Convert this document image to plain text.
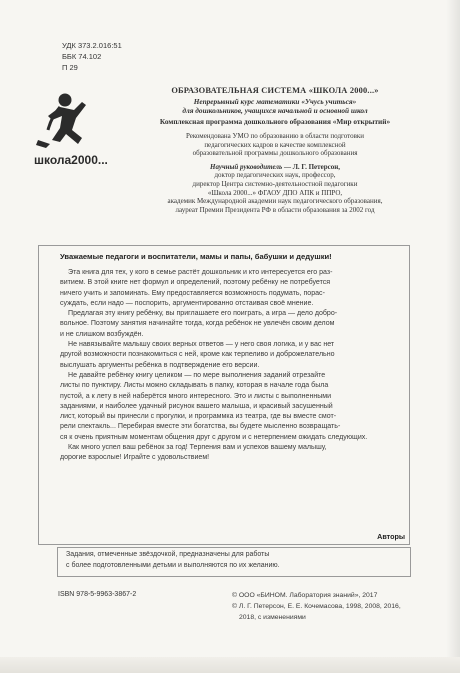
УДК 373.2.016:51
ББК 74.102
П 29
школа2000...
ОБРАЗОВАТЕЛЬНАЯ СИСТЕМА «ШКОЛА 2000...»
Непрерывный курс математики «Учусь учиться»
для дошкольников, учащихся начальной и основной школ
Комплексная программа дошкольного образования «Мир открытий»
Рекомендована УМО по образованию в области подготовки
педагогических кадров в качестве комплексной
образовательной программы дошкольного образования
Научный руководитель — Л. Г. Петерсон,
доктор педагогических наук, профессор,
директор Центра системно-деятельностной педагогики
«Школа 2000...» ФГАОУ ДПО АПК и ППРО,
академик Международной академии наук педагогического образования,
лауреат Премии Президента РФ в области образования за 2002 год
Уважаемые педагоги и воспитатели, мамы и папы, бабушки и дедушки!

Эта книга для тех, у кого в семье растёт дошкольник и кто интересуется его раз-

витием. В этой книге нет формул и определений, поэтому ребёнку не потребуется

ничего учить и запоминать. Ему предоставляется возможность подумать, порас-

суждать, если надо — поспорить, аргументированно отстаивая своё мнение.

Предлагая эту книгу ребёнку, вы приглашаете его поиграть, а игра — дело добро-

вольное. Поэтому занятия начинайте тогда, когда ребёнок не увлечён своим делом

и не слишком возбуждён.

Не навязывайте малышу своих верных ответов — у него своя логика, и у вас нет

другой возможности познакомиться с ней, кроме как терпеливо и доброжелательно

выслушать аргументы ребёнка в подтверждение его версии.

Не давайте ребёнку книгу целиком — по мере выполнения заданий отрезайте

листы по пунктиру. Листы можно складывать в папку, которая в начале года была

пустой, а к лету в ней наберётся много интересного. Это и листы с выполненными

заданиями, и наиболее удачный рисунок вашего малыша, и красивый засушенный

лист, который вы принесли с прогулки, и программка из театра, где вы вместе смот-

рели спектакль... Перебирая вместе эти богатства, вы будете мысленно возвращать-

ся к очень приятным моментам общения друг с другом и с нетерпением ожидать следующих.

Как много успел ваш ребёнок за год! Терпения вам и успехов вашему малышу,

дорогие взрослые! Играйте с удовольствием!

Авторы
Задания, отмеченные звёздочкой, предназначены для работы
с более подготовленными детьми и выполняются по их желанию.
ISBN 978-5-9963-3867-2	© ООО «БИНОМ. Лаборатория знаний», 2017
© Л. Г. Петерсон, Е. Е. Кочемасова, 1998, 2008, 2016,
2018, с изменениями
